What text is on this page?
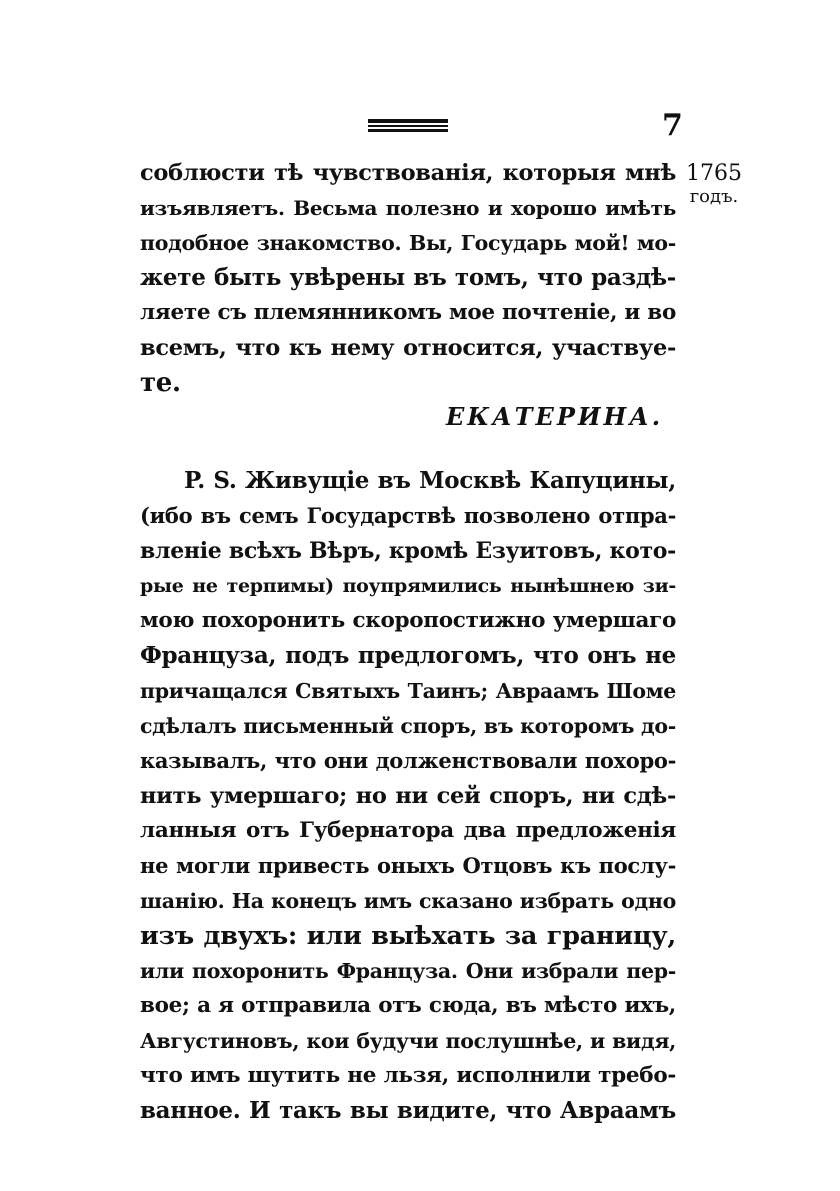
7
1765
годъ.
соблюсти тѣ чувствованія, которыя мнѣ
изъявляетъ. Весьма полезно и хорошо имѣть
подобное знакомство. Вы, Государь мой! мо-
жете быть увѣрены въ томъ, что раздѣ-
ляете съ племянникомъ мое почтеніе, и во
всемъ, что къ нему относится, участвуе-
те.
ЕКАТЕРИНА.
P. S. Живущіе въ Москвѣ Капуцины,
(ибо въ семъ Государствѣ позволено отпра-
вленіе всѣхъ Вѣръ, кромѣ Езуитовъ, кото-
рые не терпимы) поупрямились нынѣшнею зи-
мою похоронить скоропостижно умершаго
Француза, подъ предлогомъ, что онъ не
причащался Святыхъ Таинъ; Авраамъ Шоме
сдѣлалъ письменный споръ, въ которомъ до-
казывалъ, что они долженствовали похоро-
нить умершаго; но ни сей споръ, ни сдѣ-
ланныя отъ Губернатора два предложенія
не могли привесть оныхъ Отцовъ къ послу-
шанію. На конецъ имъ сказано избрать одно
изъ двухъ: или выѣхать за границу,
или похоронить Француза. Они избрали пер-
вое; а я отправила отъ сюда, въ мѣсто ихъ,
Августиновъ, кои будучи послушнѣе, и видя,
что имъ шутить не льзя, исполнили требо-
ванное. И такъ вы видите, что Авраамъ
